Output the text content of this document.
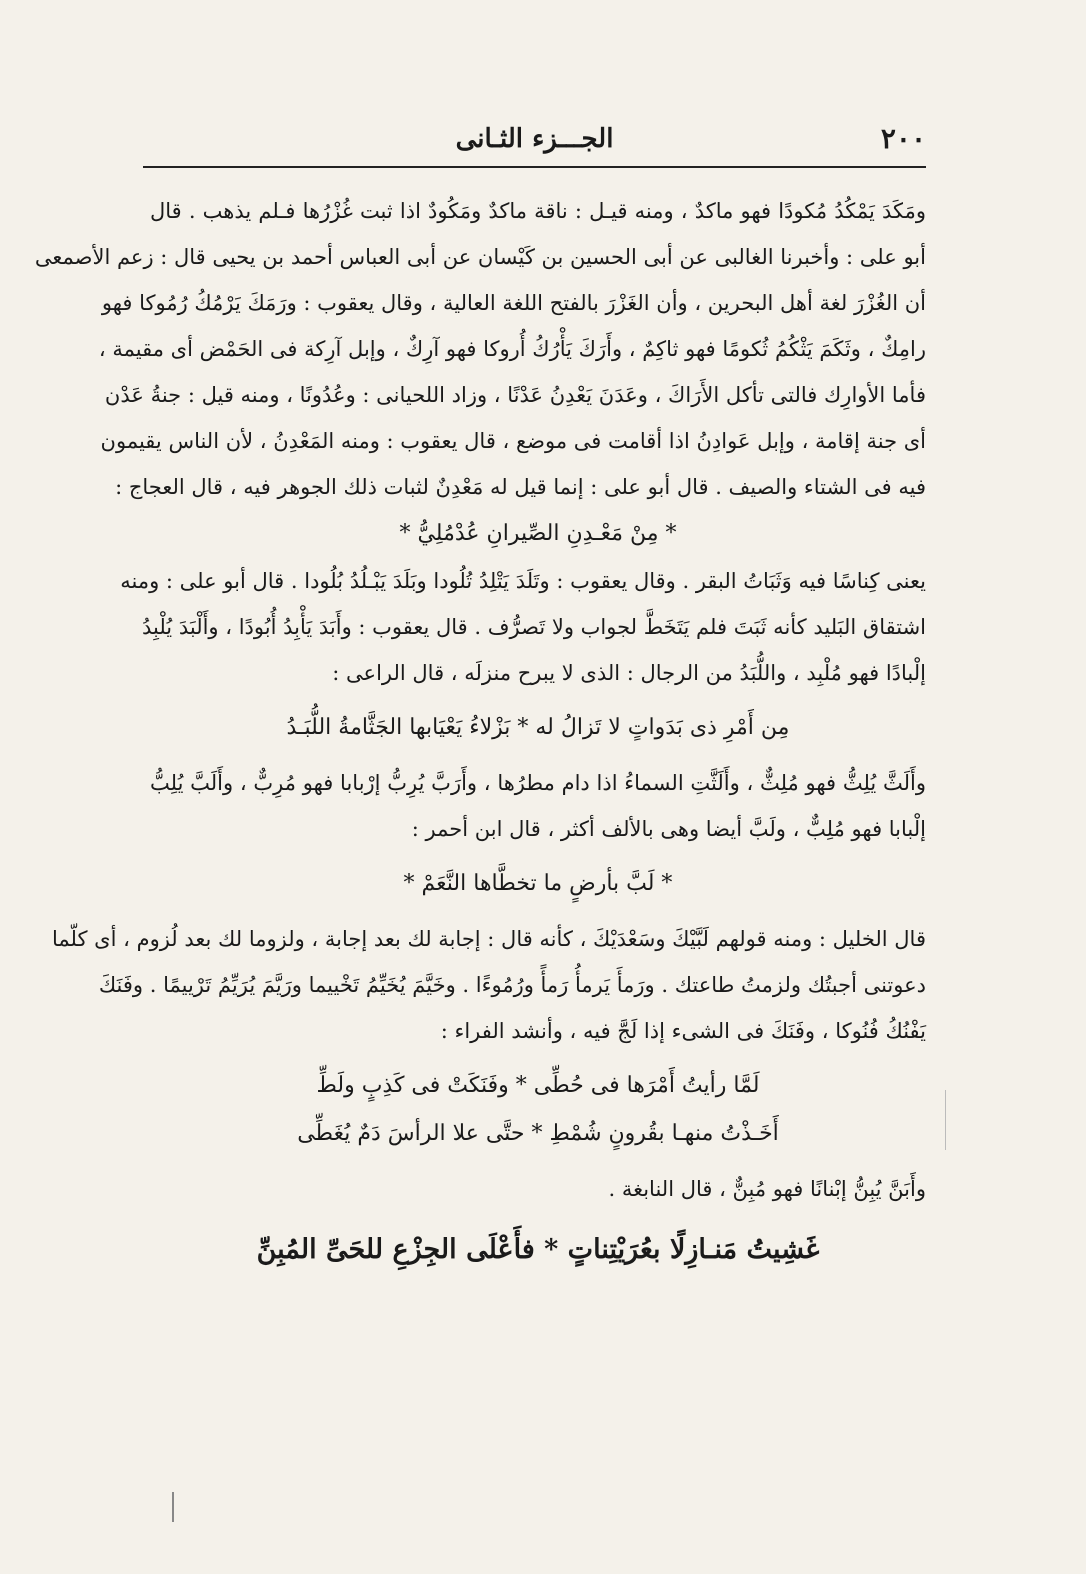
٢٠٠
الجـــزء الثـانى
ومَكَدَ يَمْكُدُ مُكودًا فهو ماكدٌ ، ومنه قيـل : ناقة ماكدٌ ومَكُودٌ اذا ثبت غُزْرُها فـلم يذهب . قال
أبو على : وأخبرنا الغالبى عن أبى الحسين بن كَيْسان عن أبى العباس أحمد بن يحيى قال : زعم الأصمعى
أن الغُزْرَ لغة أهل البحرين ، وأن الغَزْرَ بالفتح اللغة العالية ، وقال يعقوب : ورَمَكَ يَرْمُكُ رُمُوكا فهو
رامِكٌ ، وثَكَمَ يَثْكُمُ ثُكومًا فهو ثاكِمٌ ، وأَرَكَ يَأْرُكُ أُروكا فهو آرِكٌ ، وإبل آرِكة فى الحَمْض أى مقيمة ،
فأما الأوارِك فالتى تأكل الأَرَاكَ ، وعَدَنَ يَعْدِنُ عَدْنًا ، وزاد اللحيانى : وعُدُونًا ، ومنه قيل : جنةُ عَدْن
أى جنة إقامة ، وإبل عَوادِنُ اذا أقامت فى موضع ، قال يعقوب : ومنه المَعْدِنُ ، لأن الناس يقيمون
فيه فى الشتاء والصيف . قال أبو على : إنما قيل له مَعْدِنٌ لثبات ذلك الجوهر فيه ، قال العجاج :
* مِنْ مَعْـدِنِ الصِّيرانِ عُدْمُلِيُّ *
يعنى كِناسًا فيه وَثَبَاتُ البقر . وقال يعقوب : وتَلَدَ يَتْلِدُ تُلُودا وبَلَدَ يَبْـلُدُ بُلُودا . قال أبو على : ومنه
اشتقاق البَليد كأنه ثَبَتَ فلم يَتَخَطَّ لجواب ولا تَصرُّف . قال يعقوب : وأَبَدَ يَأْبِدُ أُبُودًا ، وأَلْبَدَ يُلْبِدُ
إلْبادًا فهو مُلْبِد ، واللُّبَدُ من الرجال : الذى لا يبرح منزلَه ، قال الراعى :
مِن أَمْرِ ذى بَدَواتٍ لا تَزالُ له * بَزْلاءُ يَعْيَابها الجَثَّامةُ اللُّبَـدُ
وأَلَثَّ يُلِثُّ فهو مُلِثٌّ ، وأَلَثَّتِ السماءُ اذا دام مطرُها ، وأَرَبَّ يُرِبُّ إرْبابا فهو مُرِبٌّ ، وأَلَبَّ يُلِبُّ
إلْبابا فهو مُلِبٌّ ، ولَبَّ أيضا وهى بالألف أكثر ، قال ابن أحمر :
* لَبَّ بأرضٍ ما تخطَّاها النَّعَمْ *
قال الخليل : ومنه قولهم لَبَّيْكَ وسَعْدَيْكَ ، كأنه قال : إجابة لك بعد إجابة ، ولزوما لك بعد لُزوم ، أى كلّما
دعوتنى أجبتُك ولزمتُ طاعتك . ورَمأَ يَرمأُ رَمأً ورُمُوءًا . وخَيَّمَ يُخَيِّمُ تَخْييما ورَيَّمَ يُرَيِّمُ تَرْييمًا . وفَنَكَ
يَفْنُكُ فُنُوكا ، وفَنَكَ فى الشىء إذا لَجَّ فيه ، وأنشد الفراء :
لَمَّا رأيتُ أَمْرَها فى حُطِّى * وفَنَكَتْ فى كَذِبٍ ولَطِّ
أَخَـذْتُ منهـا بقُرونٍ شُمْطِ * حتَّى علا الرأسَ دَمٌ يُغَطِّى
وأَبَنَّ يُبِنُّ إبْنانًا فهو مُبِنٌّ ، قال النابغة .
غَشِيتُ مَنـازِلًا بعُرَيْتِناتٍ * فأَعْلَى الجِزْعِ للحَىِّ المُبِنِّ
